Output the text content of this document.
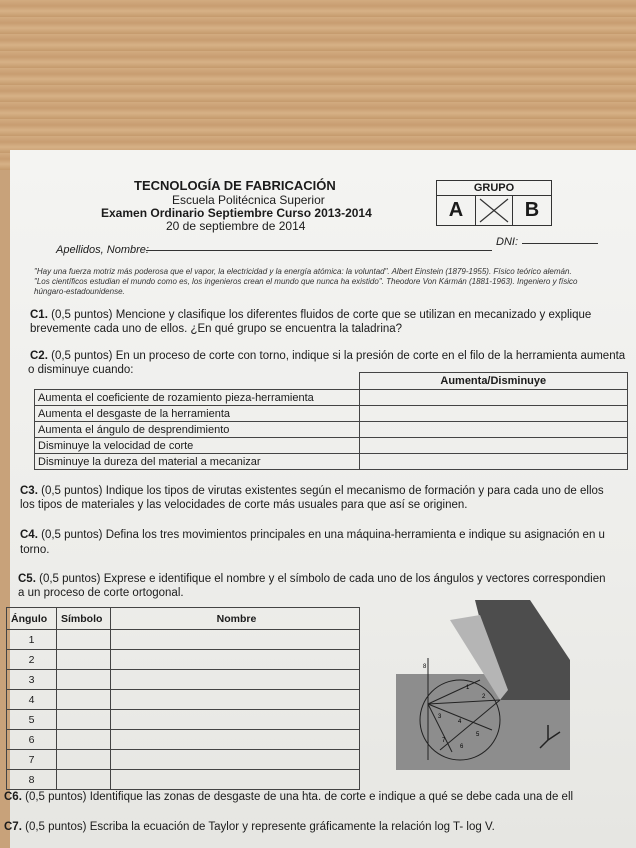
TECNOLOGÍA DE FABRICACIÓN
Escuela Politécnica Superior
Examen Ordinario Septiembre Curso 2013-2014
20 de septiembre de 2014
GRUPO
A	B
Apellidos, Nombre:
DNI:
"Hay una fuerza motriz más poderosa que el vapor, la electricidad y la energía atómica: la voluntad". Albert Einstein (1879-1955). Físico teórico alemán.
"Los científicos estudian el mundo como es, los ingenieros crean el mundo que nunca ha existido". Theodore Von Kármán (1881-1963). Ingeniero y físico
húngaro-estadounidense.
C1. (0,5 puntos) Mencione y clasifique los diferentes fluidos de corte que se utilizan en mecanizado y explique
brevemente cada uno de ellos. ¿En qué grupo se encuentra la taladrina?
C2. (0,5 puntos) En un proceso de corte con torno, indique si la presión de corte en el filo de la herramienta aumenta
o disminuye cuando:
	Aumenta/Disminuye
Aumenta el coeficiente de rozamiento pieza-herramienta	
Aumenta el desgaste de la herramienta	
Aumenta el ángulo de desprendimiento	
Disminuye la velocidad de corte	
Disminuye la dureza del material a mecanizar	
C3. (0,5 puntos) Indique los tipos de virutas existentes según el mecanismo de formación y para cada uno de ellos
los tipos de materiales y las velocidades de corte más usuales para que así se originen.
C4. (0,5 puntos) Defina los tres movimientos principales en una máquina-herramienta e indique su asignación en u
torno.
C5. (0,5 puntos) Exprese e identifique el nombre y el símbolo de cada uno de los ángulos y vectores correspondien
a un proceso de corte ortogonal.
Ángulo	Símbolo	Nombre
1		
2		
3		
4		
5		
6		
7		
8		
8
1
2
3
4
5
6
7
C6. (0,5 puntos) Identifique las zonas de desgaste de una hta. de corte e indique a qué se debe cada una de ell
C7. (0,5 puntos) Escriba la ecuación de Taylor y represente gráficamente la relación log T- log V.
